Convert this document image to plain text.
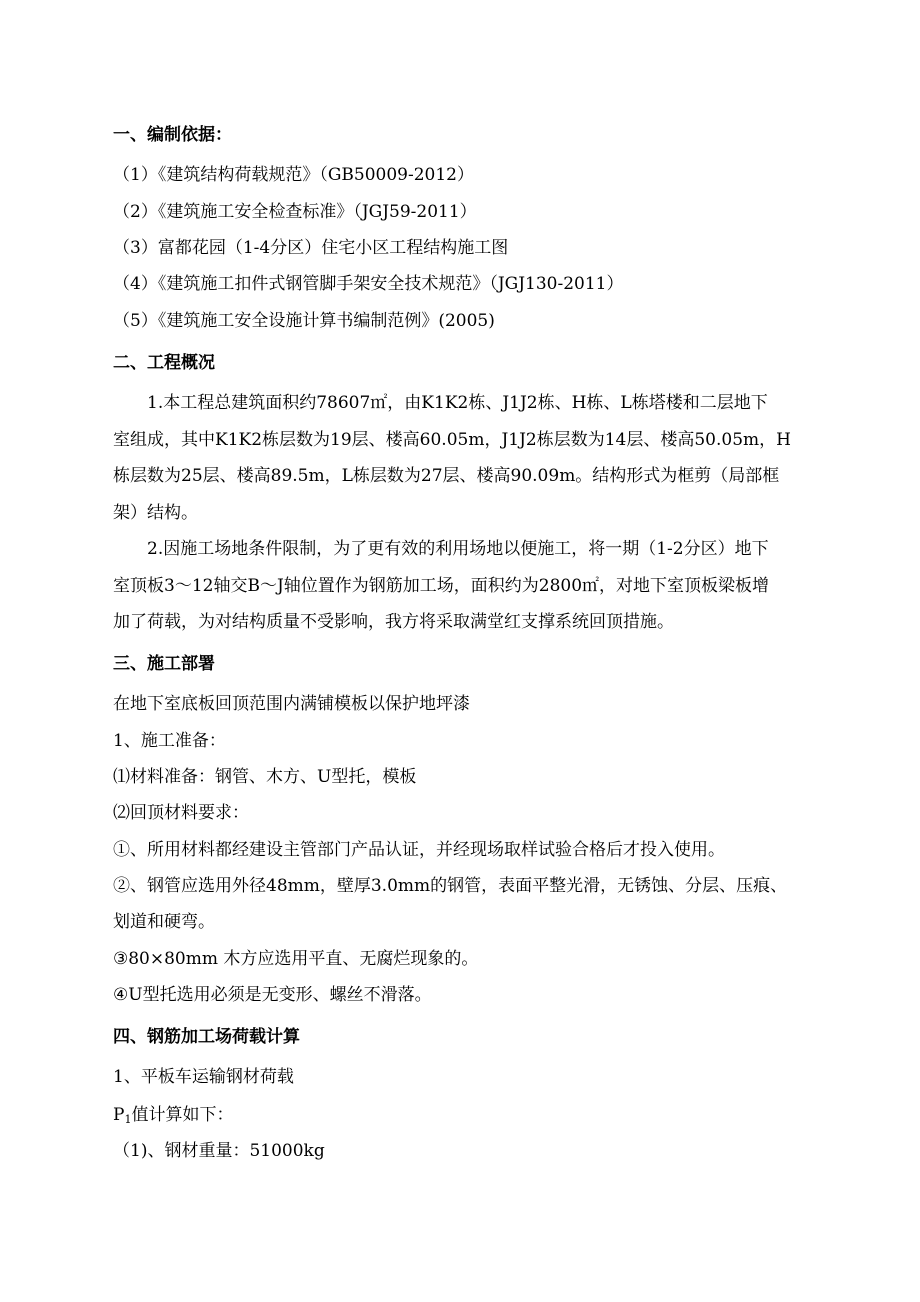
一、编制依据：
（1）《建筑结构荷载规范》（GB50009-2012）
（2）《建筑施工安全检查标准》（JGJ59-2011）
（3）富都花园（1-4分区）住宅小区工程结构施工图
（4）《建筑施工扣件式钢管脚手架安全技术规范》（JGJ130-2011）
（5）《建筑施工安全设施计算书编制范例》(2005)
二、工程概况
1.本工程总建筑面积约78607㎡，由K1K2栋、J1J2栋、H栋、L栋塔楼和二层地下
室组成，其中K1K2栋层数为19层、楼高60.05m，J1J2栋层数为14层、楼高50.05m，H
栋层数为25层、楼高89.5m，L栋层数为27层、楼高90.09m。结构形式为框剪（局部框
架）结构。
2.因施工场地条件限制，为了更有效的利用场地以便施工，将一期（1-2分区）地下
室顶板3～12轴交B～J轴位置作为钢筋加工场，面积约为2800㎡，对地下室顶板梁板增
加了荷载，为对结构质量不受影响，我方将采取满堂红支撑系统回顶措施。
三、施工部署
在地下室底板回顶范围内满铺模板以保护地坪漆
1、施工准备：
⑴材料准备：钢管、木方、U型托，模板
⑵回顶材料要求：
①、所用材料都经建设主管部门产品认证，并经现场取样试验合格后才投入使用。
②、钢管应选用外径48mm，壁厚3.0mm的钢管，表面平整光滑，无锈蚀、分层、压痕、
划道和硬弯。
③80×80mm 木方应选用平直、无腐烂现象的。
④U型托选用必须是无变形、螺丝不滑落。
四、钢筋加工场荷载计算
1、平板车运输钢材荷载
$P_1$值计算如下：
（1)、钢材重量：51000kg
